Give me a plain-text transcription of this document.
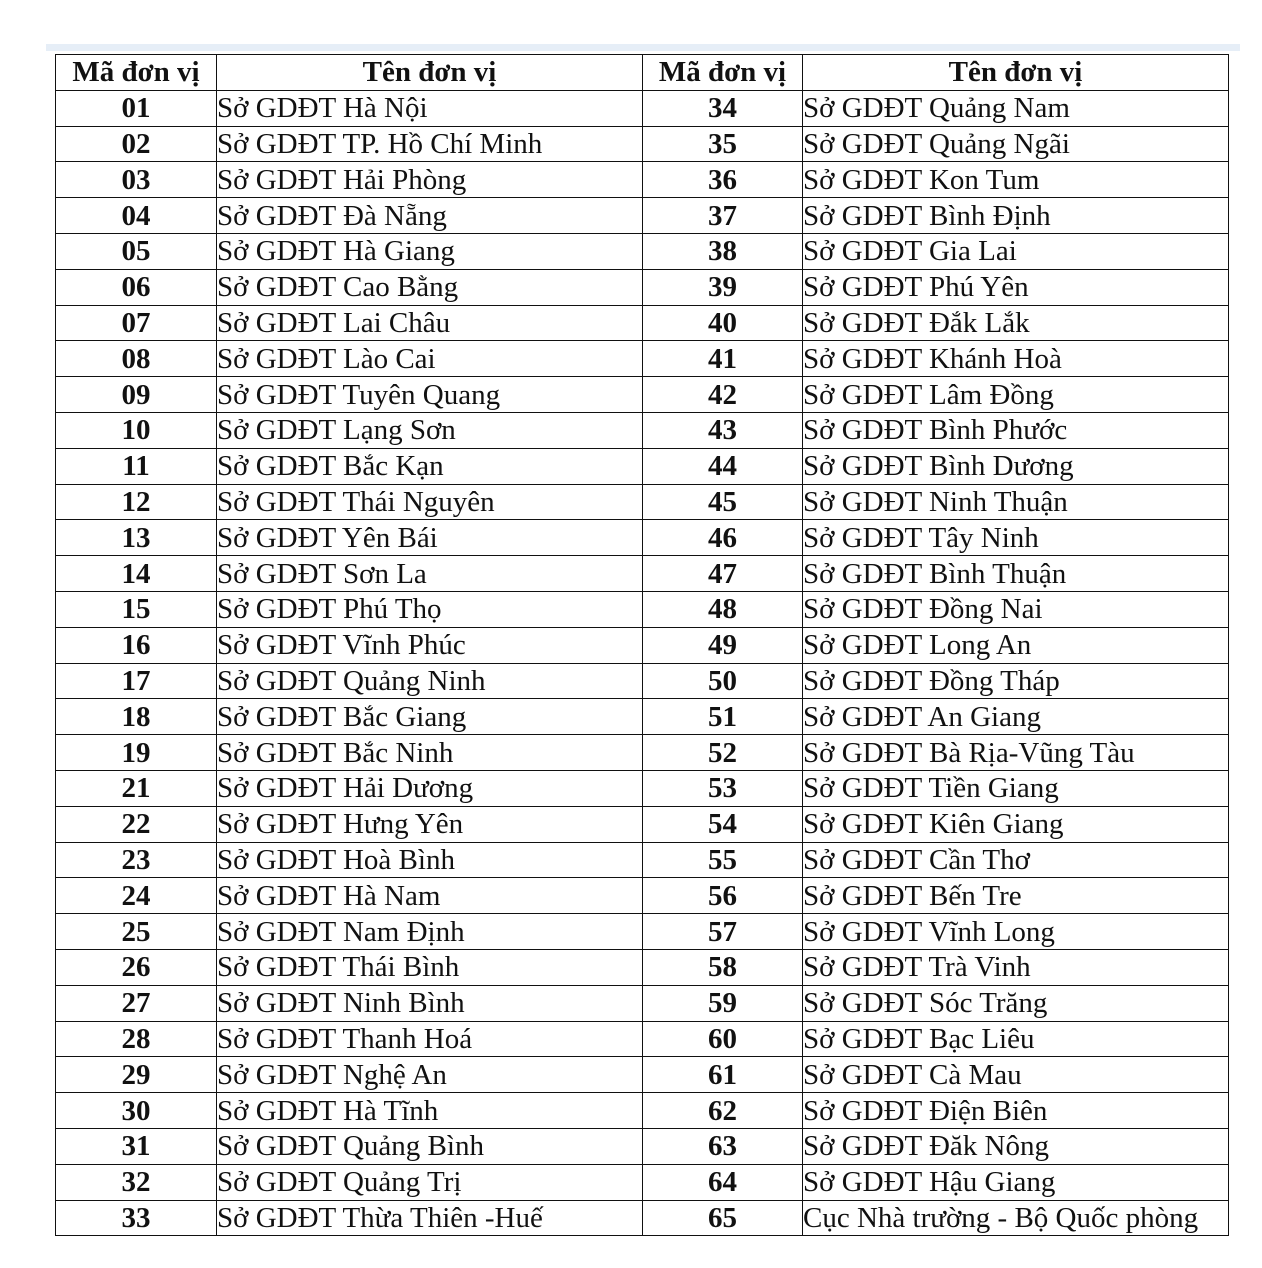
Mã đơn vị	Tên đơn vị	Mã đơn vị	Tên đơn vị
01	Sở GDĐT Hà Nội	34	Sở GDĐT Quảng Nam
02	Sở GDĐT TP. Hồ Chí Minh	35	Sở GDĐT Quảng Ngãi
03	Sở GDĐT Hải Phòng	36	Sở GDĐT Kon Tum
04	Sở GDĐT Đà Nẵng	37	Sở GDĐT Bình Định
05	Sở GDĐT Hà Giang	38	Sở GDĐT Gia Lai
06	Sở GDĐT Cao Bằng	39	Sở GDĐT Phú Yên
07	Sở GDĐT Lai Châu	40	Sở GDĐT Đắk Lắk
08	Sở GDĐT Lào Cai	41	Sở GDĐT Khánh Hoà
09	Sở GDĐT Tuyên Quang	42	Sở GDĐT Lâm Đồng
10	Sở GDĐT Lạng Sơn	43	Sở GDĐT Bình Phước
11	Sở GDĐT Bắc Kạn	44	Sở GDĐT Bình Dương
12	Sở GDĐT Thái Nguyên	45	Sở GDĐT Ninh Thuận
13	Sở GDĐT Yên Bái	46	Sở GDĐT Tây Ninh
14	Sở GDĐT Sơn La	47	Sở GDĐT Bình Thuận
15	Sở GDĐT Phú Thọ	48	Sở GDĐT Đồng Nai
16	Sở GDĐT Vĩnh Phúc	49	Sở GDĐT Long An
17	Sở GDĐT Quảng Ninh	50	Sở GDĐT Đồng Tháp
18	Sở GDĐT Bắc Giang	51	Sở GDĐT An Giang
19	Sở GDĐT Bắc Ninh	52	Sở GDĐT Bà Rịa-Vũng Tàu
21	Sở GDĐT Hải Dương	53	Sở GDĐT Tiền Giang
22	Sở GDĐT Hưng Yên	54	Sở GDĐT Kiên Giang
23	Sở GDĐT Hoà Bình	55	Sở GDĐT Cần Thơ
24	Sở GDĐT Hà Nam	56	Sở GDĐT Bến Tre
25	Sở GDĐT Nam Định	57	Sở GDĐT Vĩnh Long
26	Sở GDĐT Thái Bình	58	Sở GDĐT Trà Vinh
27	Sở GDĐT Ninh Bình	59	Sở GDĐT Sóc Trăng
28	Sở GDĐT Thanh Hoá	60	Sở GDĐT Bạc Liêu
29	Sở GDĐT Nghệ An	61	Sở GDĐT Cà Mau
30	Sở GDĐT Hà Tĩnh	62	Sở GDĐT Điện Biên
31	Sở GDĐT Quảng Bình	63	Sở GDĐT Đăk Nông
32	Sở GDĐT Quảng Trị	64	Sở GDĐT Hậu Giang
33	Sở GDĐT Thừa Thiên -Huế	65	Cục Nhà trường - Bộ Quốc phòng
